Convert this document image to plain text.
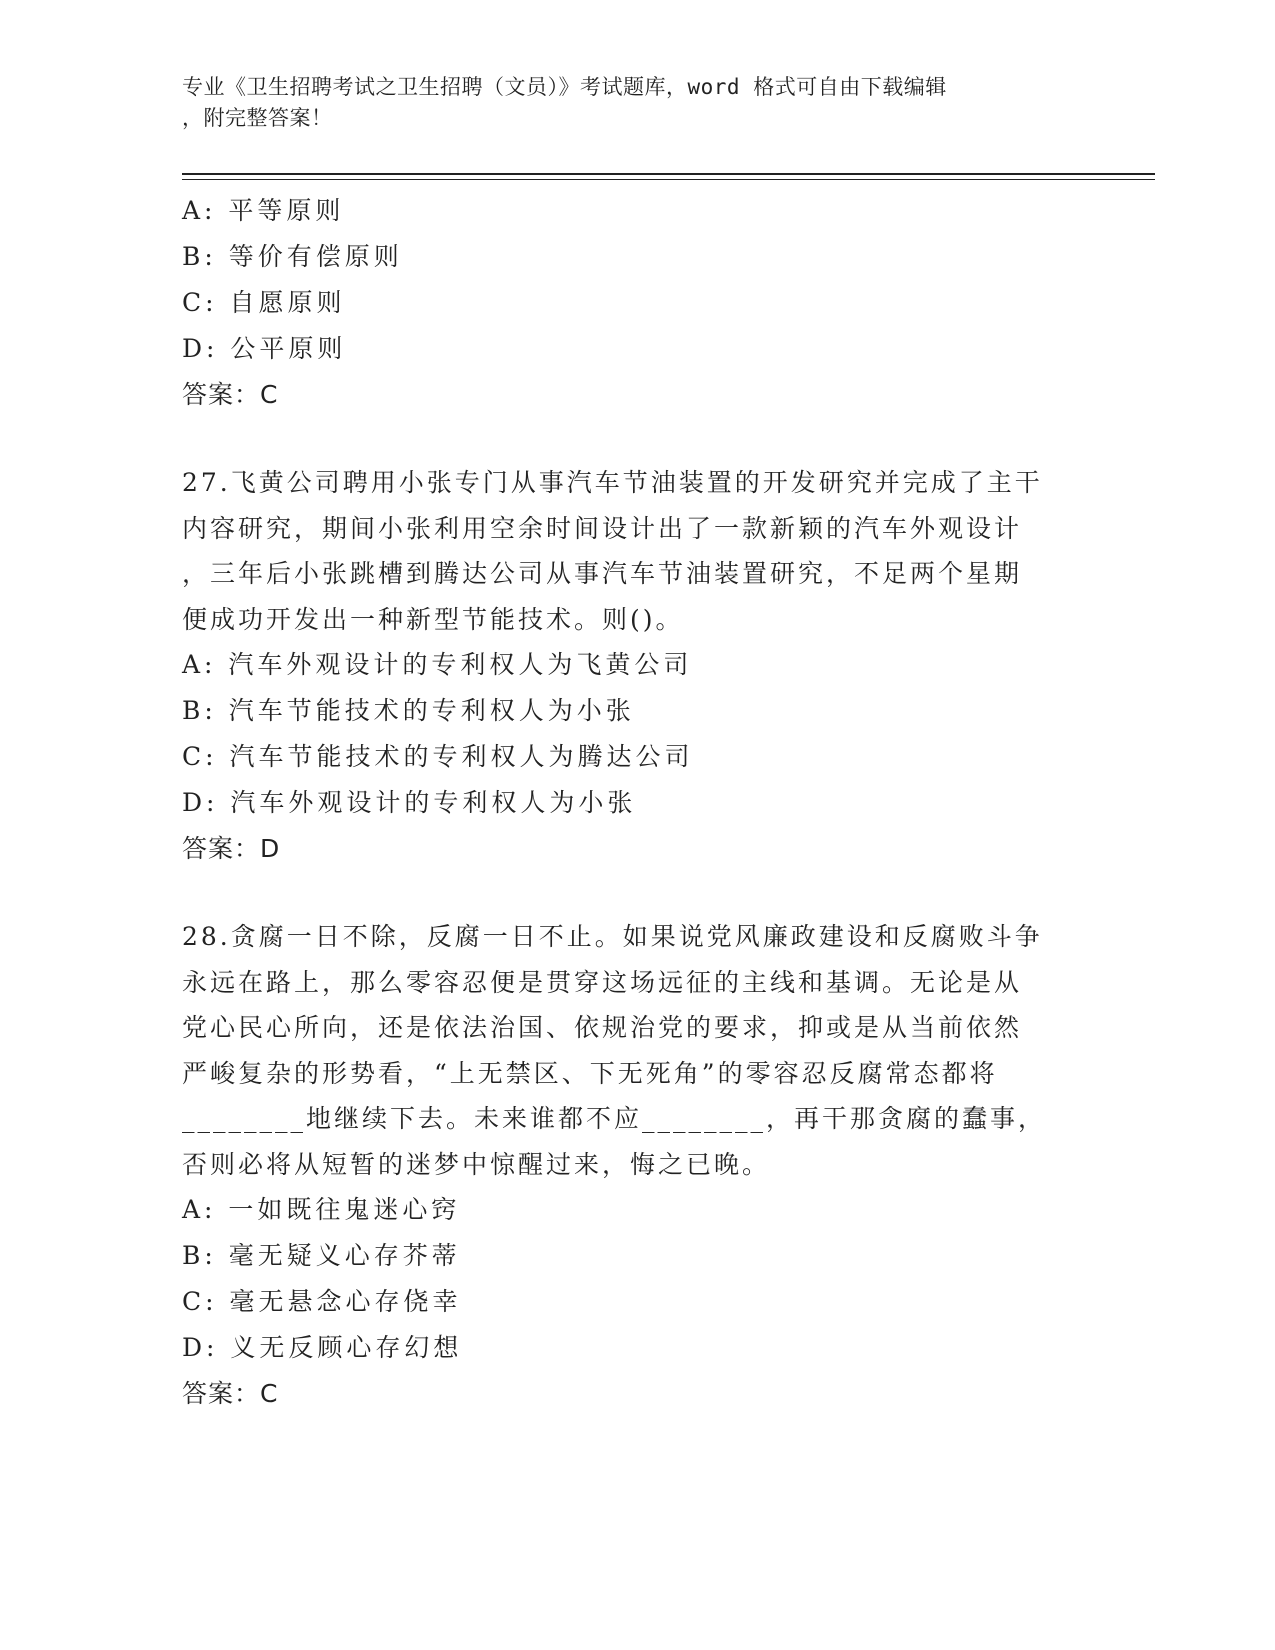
专业《卫生招聘考试之卫生招聘（文员）》考试题库，word 格式可自由下载编辑
，附完整答案！
A: 平等原则
B: 等价有偿原则
C: 自愿原则
D: 公平原则
答案：C
27.飞黄公司聘用小张专门从事汽车节油装置的开发研究并完成了主干
内容研究，期间小张利用空余时间设计出了一款新颖的汽车外观设计
，三年后小张跳槽到腾达公司从事汽车节油装置研究，不足两个星期
便成功开发出一种新型节能技术。则()。
A: 汽车外观设计的专利权人为飞黄公司
B: 汽车节能技术的专利权人为小张
C: 汽车节能技术的专利权人为腾达公司
D: 汽车外观设计的专利权人为小张
答案：D
28.贪腐一日不除，反腐一日不止。如果说党风廉政建设和反腐败斗争
永远在路上，那么零容忍便是贯穿这场远征的主线和基调。无论是从
党心民心所向，还是依法治国、依规治党的要求，抑或是从当前依然
严峻复杂的形势看，“上无禁区、下无死角”的零容忍反腐常态都将
________地继续下去。未来谁都不应________，再干那贪腐的蠢事，
否则必将从短暂的迷梦中惊醒过来，悔之已晚。
A: 一如既往鬼迷心窍
B: 毫无疑义心存芥蒂
C: 毫无悬念心存侥幸
D: 义无反顾心存幻想
答案：C
